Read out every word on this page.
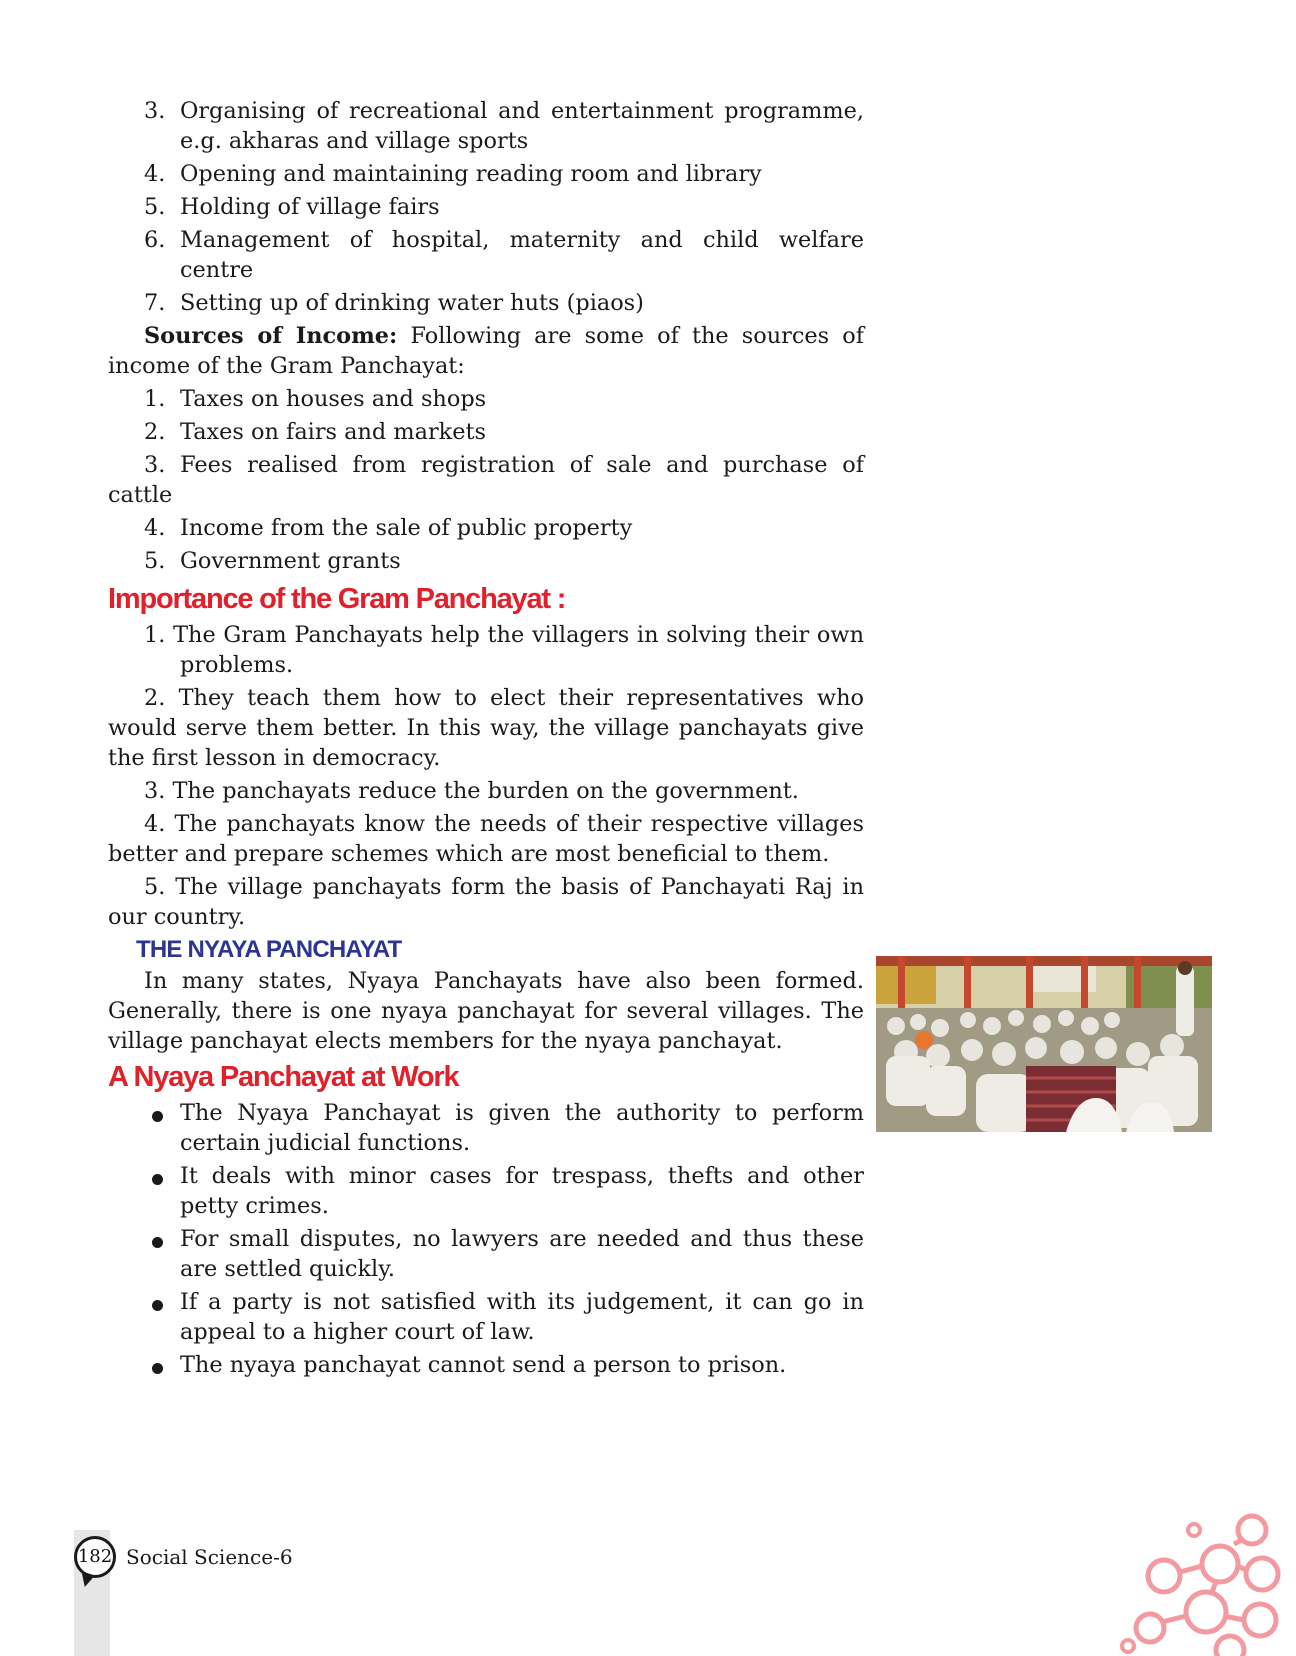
3. Organising of recreational and entertainment programme, e.g. akharas and village sports
4. Opening and maintaining reading room and library
5. Holding of village fairs
6. Management of hospital, maternity and child welfare centre
7. Setting up of drinking water huts (piaos)
Sources of Income: Following are some of the sources of income of the Gram Panchayat:
1. Taxes on houses and shops
2. Taxes on fairs and markets
3. Fees realised from registration of sale and purchase of cattle
4. Income from the sale of public property
5. Government grants
Importance of the Gram Panchayat :
1. The Gram Panchayats help the villagers in solving their own problems.
2. They teach them how to elect their representatives who would serve them better. In this way, the village panchayats give the first lesson in democracy.
3. The panchayats reduce the burden on the government.
4. The panchayats know the needs of their respective villages better and prepare schemes which are most beneficial to them.
5. The village panchayats form the basis of Panchayati Raj in our country.
THE NYAYA PANCHAYAT
In many states, Nyaya Panchayats have also been formed. Generally, there is one nyaya panchayat for several villages. The village panchayat elects members for the nyaya panchayat.
A Nyaya Panchayat at Work
The Nyaya Panchayat is given the authority to perform certain judicial functions.
It deals with minor cases for trespass, thefts and other petty crimes.
For small disputes, no lawyers are needed and thus these are settled quickly.
If a party is not satisfied with its judgement, it can go in appeal to a higher court of law.
The nyaya panchayat cannot send a person to prison.
182 Social Science-6
